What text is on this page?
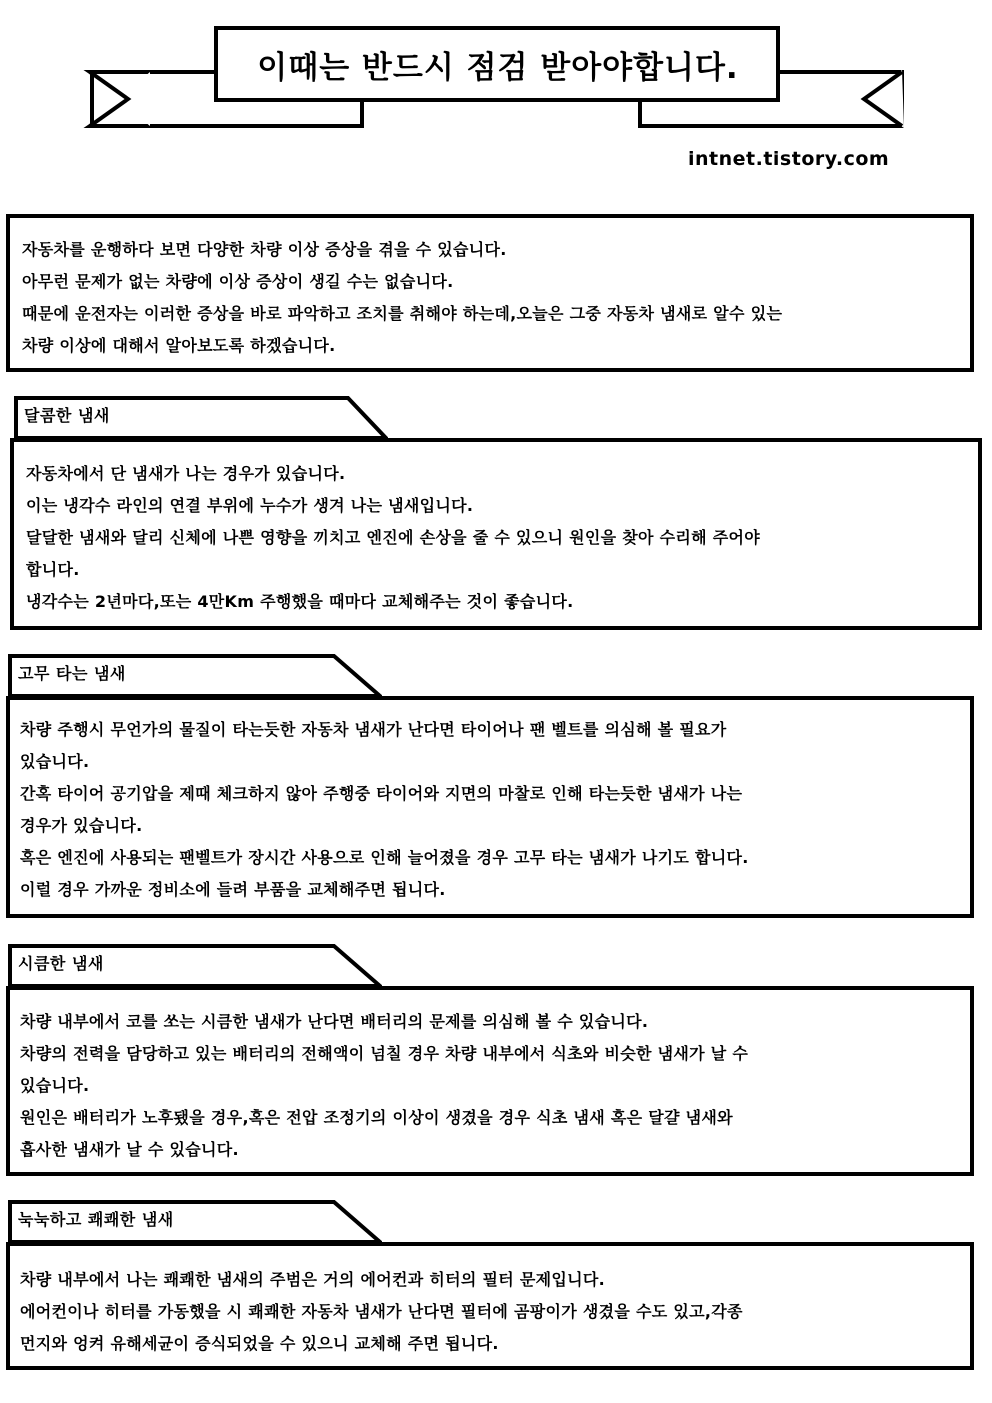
이때는 반드시 점검 받아야합니다.
intnet.tistory.com

자동차를 운행하다 보면 다양한 차량 이상 증상을 겪을 수 있습니다.

아무런 문제가 없는 차량에 이상 증상이 생길 수는 없습니다.

때문에 운전자는 이러한 증상을 바로 파악하고 조치를 취해야 하는데,오늘은 그중 자동차 냄새로 알수 있는

차량 이상에 대해서 알아보도록 하겠습니다.

달콤한 냄새

자동차에서 단 냄새가 나는 경우가 있습니다.

이는 냉각수 라인의 연결 부위에 누수가 생겨 나는 냄새입니다.

달달한 냄새와 달리 신체에 나쁜 영향을 끼치고 엔진에 손상을 줄 수 있으니 원인을 찾아 수리해 주어야

합니다.

냉각수는 2년마다,또는 4만Km 주행했을 때마다 교체해주는 것이 좋습니다.

고무 타는 냄새

차량 주행시 무언가의 물질이 타는듯한 자동차 냄새가 난다면 타이어나 팬 벨트를 의심해 볼 필요가

있습니다.

간혹 타이어 공기압을 제때 체크하지 않아 주행중 타이어와 지면의 마찰로 인해 타는듯한 냄새가 나는

경우가 있습니다.

혹은 엔진에 사용되는 팬벨트가 장시간 사용으로 인해 늘어졌을 경우 고무 타는 냄새가 나기도 합니다.

이럴 경우 가까운 정비소에 들려 부품을 교체해주면 됩니다.

시큼한 냄새

차량 내부에서 코를 쏘는 시큼한 냄새가 난다면 배터리의 문제를 의심해 볼 수 있습니다.

차량의 전력을 담당하고 있는 배터리의 전해액이 넘칠 경우 차량 내부에서 식초와 비슷한 냄새가 날 수

있습니다.

원인은 배터리가 노후됐을 경우,혹은 전압 조정기의 이상이 생겼을 경우 식초 냄새 혹은 달걀 냄새와

흡사한 냄새가 날 수 있습니다.

눅눅하고 쾌쾌한 냄새

차량 내부에서 나는 쾌쾌한 냄새의 주범은 거의 에어컨과 히터의 필터 문제입니다.

에어컨이나 히터를 가동했을 시 쾌쾌한 자동차 냄새가 난다면 필터에 곰팡이가 생겼을 수도 있고,각종

먼지와 엉켜 유해세균이 증식되었을 수 있으니 교체해 주면 됩니다.
